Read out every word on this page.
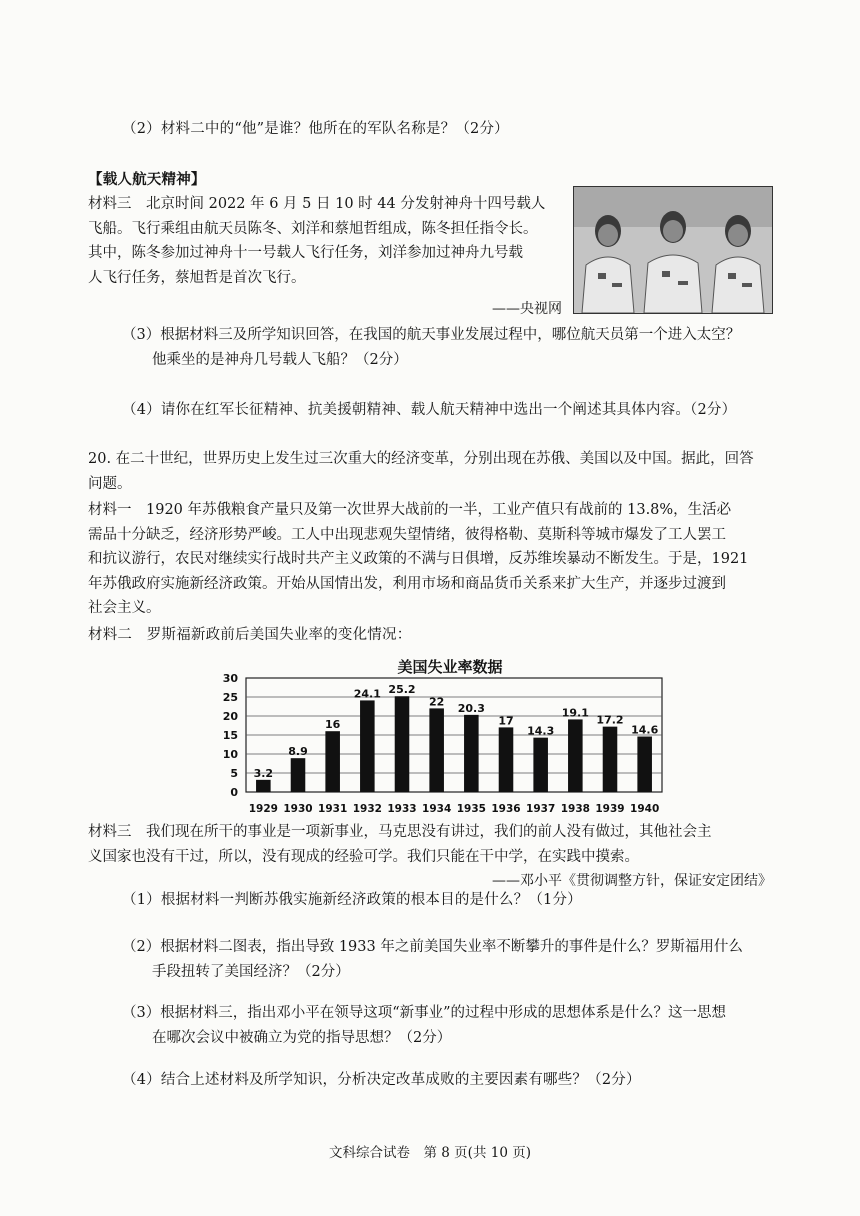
（2）材料二中的“他”是谁？他所在的军队名称是？（2分）
【载人航天精神】
材料三　北京时间 2022 年 6 月 5 日 10 时 44 分发射神舟十四号载人
飞船。飞行乘组由航天员陈冬、刘洋和蔡旭哲组成，陈冬担任指令长。
其中，陈冬参加过神舟十一号载人飞行任务，刘洋参加过神舟九号载
人飞行任务，蔡旭哲是首次飞行。
——央视网
（3）根据材料三及所学知识回答，在我国的航天事业发展过程中，哪位航天员第一个进入太空？
他乘坐的是神舟几号载人飞船？（2分）
（4）请你在红军长征精神、抗美援朝精神、载人航天精神中选出一个阐述其具体内容。（2分）
20. 在二十世纪，世界历史上发生过三次重大的经济变革，分别出现在苏俄、美国以及中国。据此，回答
问题。
材料一　1920 年苏俄粮食产量只及第一次世界大战前的一半，工业产值只有战前的 13.8%，生活必
需品十分缺乏，经济形势严峻。工人中出现悲观失望情绪，彼得格勒、莫斯科等城市爆发了工人罢工
和抗议游行，农民对继续实行战时共产主义政策的不满与日俱增，反苏维埃暴动不断发生。于是，1921
年苏俄政府实施新经济政策。开始从国情出发，利用市场和商品货币关系来扩大生产，并逐步过渡到
社会主义。
材料二　罗斯福新政前后美国失业率的变化情况：
美国失业率数据
0
5
10
15
20
25
30
1929 1930 1931 1932 1933 1934 1935 1936 1937 1938 1939 1940
3.2
8.9
16
24.1 25.2
22 20.3
17
14.3
19.1
17.2
14.6
材料三　我们现在所干的事业是一项新事业，马克思没有讲过，我们的前人没有做过，其他社会主
义国家也没有干过，所以，没有现成的经验可学。我们只能在干中学，在实践中摸索。
——邓小平《贯彻调整方针，保证安定团结》
（1）根据材料一判断苏俄实施新经济政策的根本目的是什么？（1分）
（2）根据材料二图表，指出导致 1933 年之前美国失业率不断攀升的事件是什么？罗斯福用什么
手段扭转了美国经济？（2分）
（3）根据材料三，指出邓小平在领导这项“新事业”的过程中形成的思想体系是什么？这一思想
在哪次会议中被确立为党的指导思想？（2分）
（4）结合上述材料及所学知识，分析决定改革成败的主要因素有哪些？（2分）
文科综合试卷　第 8 页(共 10 页)
